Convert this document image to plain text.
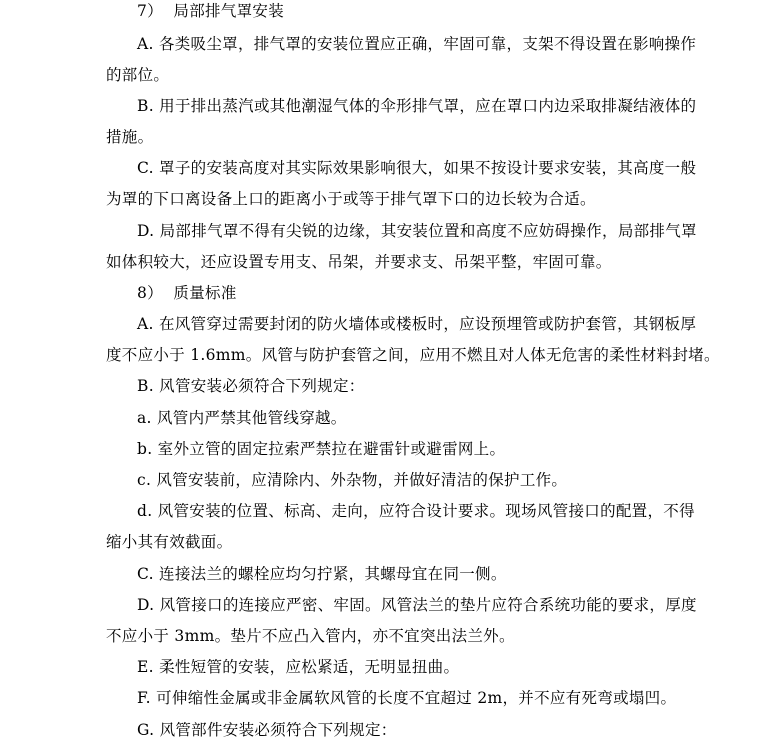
7）  局部排气罩安装
A. 各类吸尘罩，排气罩的安装位置应正确，牢固可靠，支架不得设置在影响操作
的部位。
B. 用于排出蒸汽或其他潮湿气体的伞形排气罩，应在罩口内边采取排凝结液体的
措施。
C. 罩子的安装高度对其实际效果影响很大，如果不按设计要求安装，其高度一般
为罩的下口离设备上口的距离小于或等于排气罩下口的边长较为合适。
D. 局部排气罩不得有尖锐的边缘，其安装位置和高度不应妨碍操作，局部排气罩
如体积较大，还应设置专用支、吊架，并要求支、吊架平整，牢固可靠。
8）  质量标准
A. 在风管穿过需要封闭的防火墙体或楼板时，应设预埋管或防护套管，其钢板厚
度不应小于 1.6mm。风管与防护套管之间，应用不燃且对人体无危害的柔性材料封堵。
B. 风管安装必须符合下列规定：
a. 风管内严禁其他管线穿越。
b. 室外立管的固定拉索严禁拉在避雷针或避雷网上。
c. 风管安装前，应清除内、外杂物，并做好清洁的保护工作。
d. 风管安装的位置、标高、走向，应符合设计要求。现场风管接口的配置，不得
缩小其有效截面。
C. 连接法兰的螺栓应均匀拧紧，其螺母宜在同一侧。
D. 风管接口的连接应严密、牢固。风管法兰的垫片应符合系统功能的要求，厚度
不应小于 3mm。垫片不应凸入管内，亦不宜突出法兰外。
E. 柔性短管的安装，应松紧适，无明显扭曲。
F. 可伸缩性金属或非金属软风管的长度不宜超过 2m，并不应有死弯或塌凹。
G. 风管部件安装必须符合下列规定：
